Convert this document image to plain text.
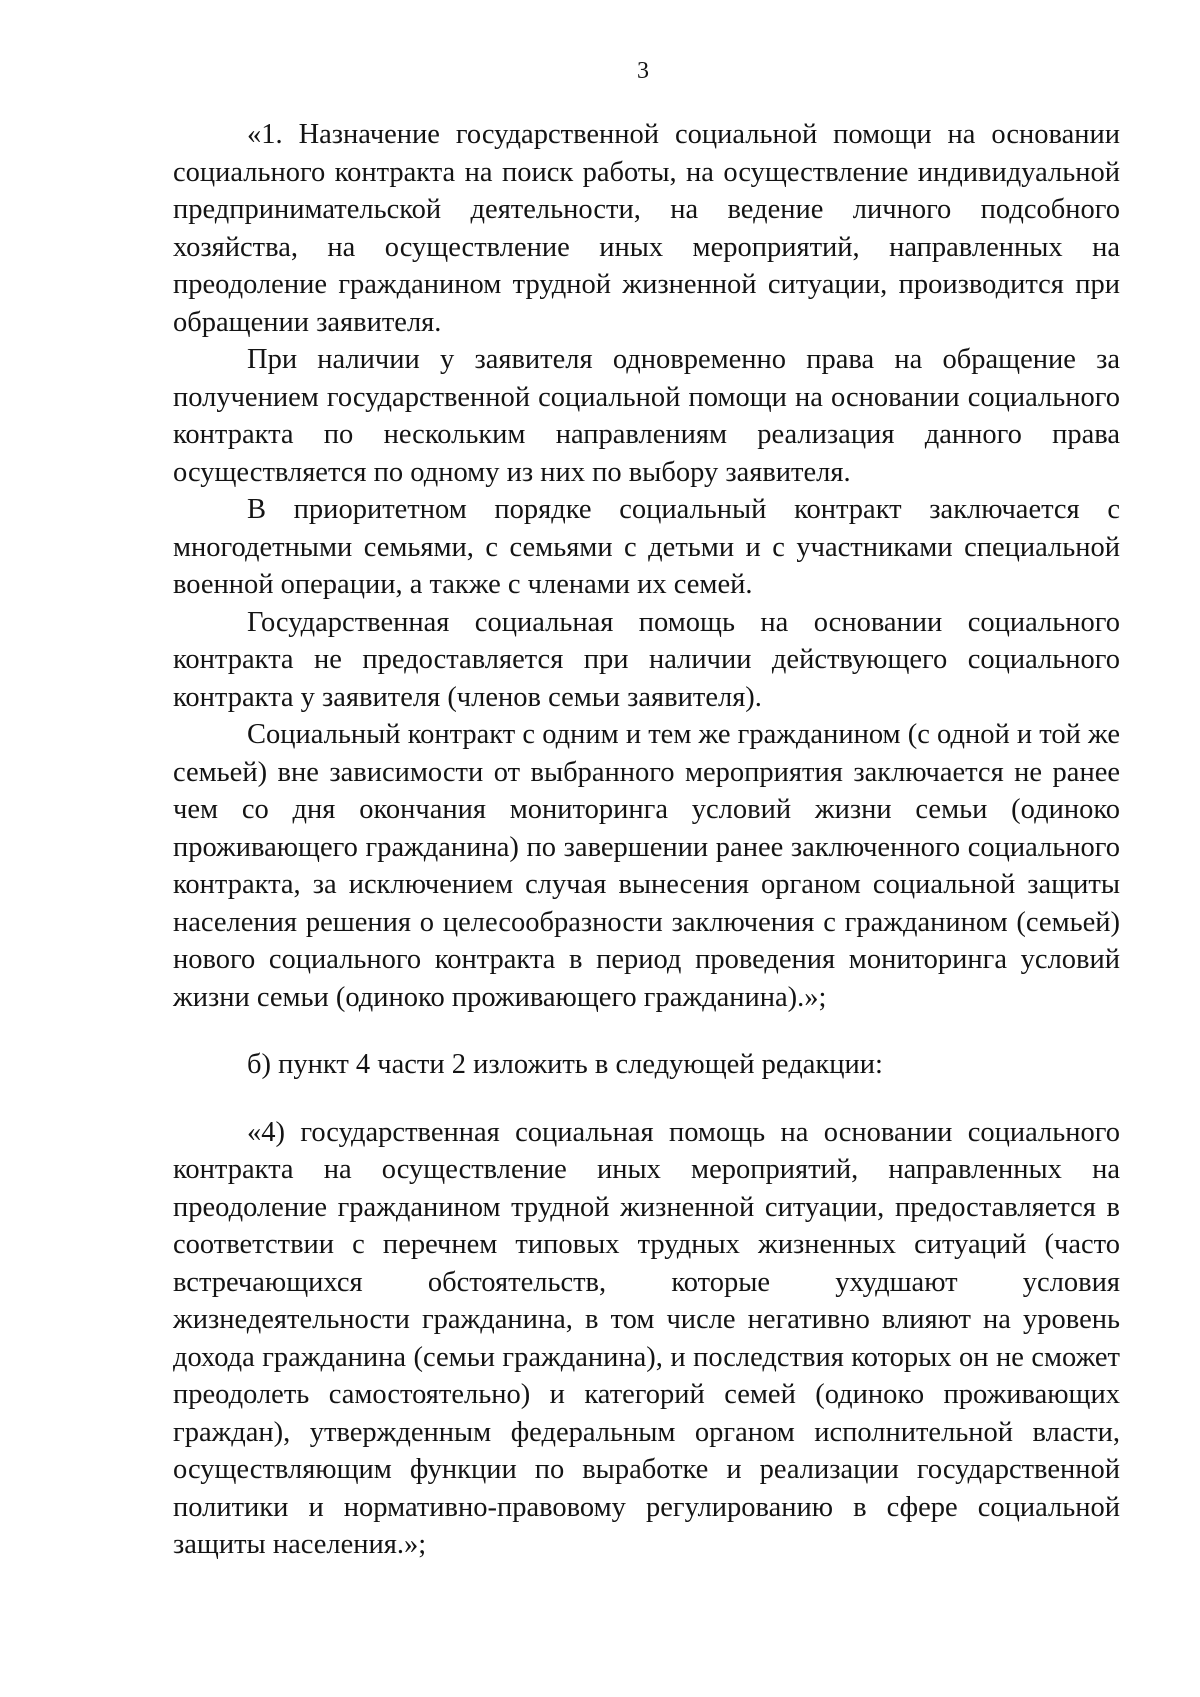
3

«1. Назначение государственной социальной помощи на основании социального контракта на поиск работы, на осуществление индивидуальной предпринимательской деятельности, на ведение личного подсобного хозяйства, на осуществление иных мероприятий, направленных на преодоление гражданином трудной жизненной ситуации, производится при обращении заявителя.

При наличии у заявителя одновременно права на обращение за получением государственной социальной помощи на основании социального контракта по нескольким направлениям реализация данного права осуществляется по одному из них по выбору заявителя.

В приоритетном порядке социальный контракт заключается с многодетными семьями, с семьями с детьми и с участниками специальной военной операции, а также с членами их семей.

Государственная социальная помощь на основании социального контракта не предоставляется при наличии действующего социального контракта у заявителя (членов семьи заявителя).

Социальный контракт с одним и тем же гражданином (с одной и той же семьей) вне зависимости от выбранного мероприятия заключается не ранее чем со дня окончания мониторинга условий жизни семьи (одиноко проживающего гражданина) по завершении ранее заключенного социального контракта, за исключением случая вынесения органом социальной защиты населения решения о целесообразности заключения с гражданином (семьей) нового социального контракта в период проведения мониторинга условий жизни семьи (одиноко проживающего гражданина).»;

б) пункт 4 части 2 изложить в следующей редакции:

«4) государственная социальная помощь на основании социального контракта на осуществление иных мероприятий, направленных на преодоление гражданином трудной жизненной ситуации, предоставляется в соответствии с перечнем типовых трудных жизненных ситуаций (часто встречающихся обстоятельств, которые ухудшают условия жизнедеятельности гражданина, в том числе негативно влияют на уровень дохода гражданина (семьи гражданина), и последствия которых он не сможет преодолеть самостоятельно) и категорий семей (одиноко проживающих граждан), утвержденным федеральным органом исполнительной власти, осуществляющим функции по выработке и реализации государственной политики и нормативно-правовому регулированию в сфере социальной защиты населения.»;
